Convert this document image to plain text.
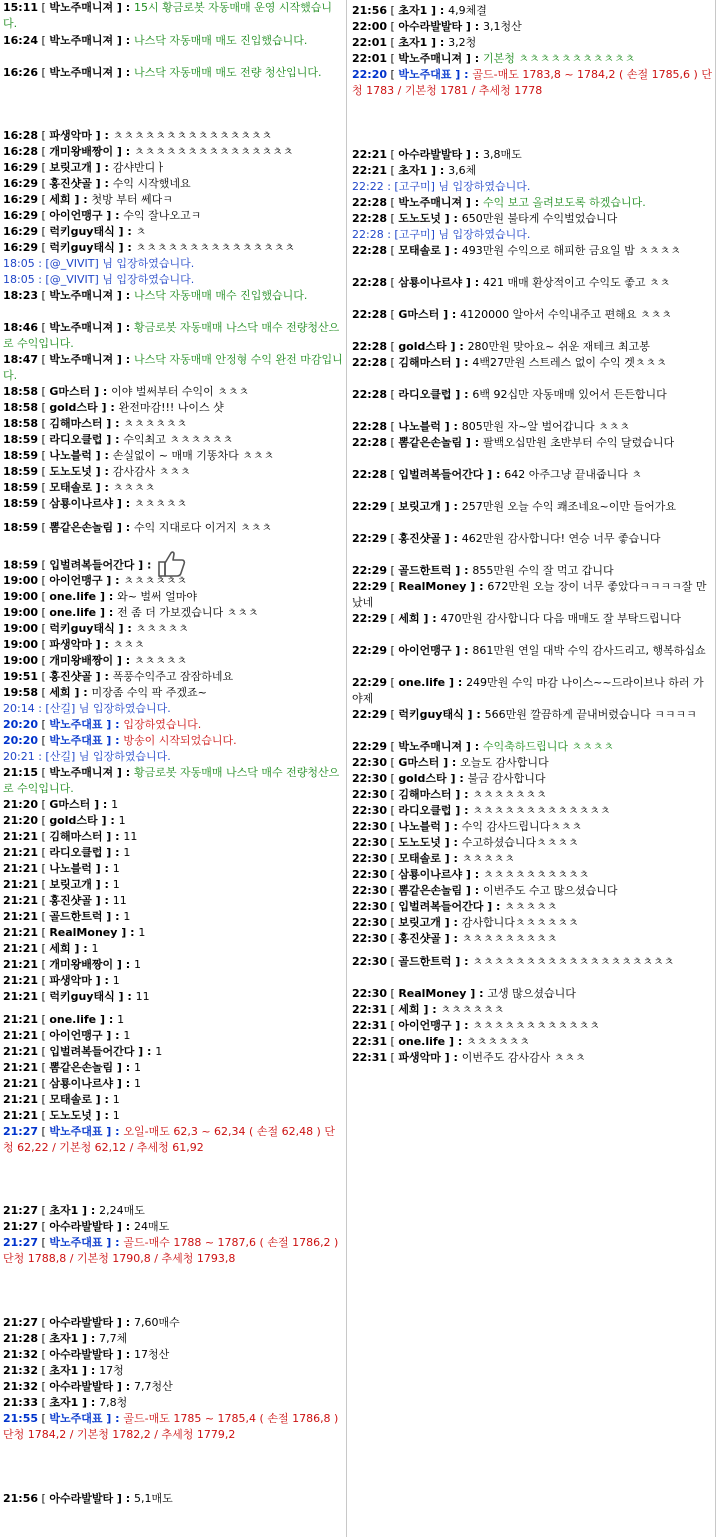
15:11 [ 박노주매니져 ] : 15시 황금로봇 자동매매 운영 시작했습니다.
16:24 [ 박노주매니져 ] : 나스닥 자동매매 매도 진입했습니다.
16:26 [ 박노주매니져 ] : 나스닥 자동매매 매도 전량 청산입니다.
16:28 [ 파생악마 ] : ㅊㅊㅊㅊㅊㅊㅊㅊㅊㅊㅊㅊㅊㅊㅊ
16:28 [ 개미왕배짱이 ] : ㅊㅊㅊㅊㅊㅊㅊㅊㅊㅊㅊㅊㅊㅊㅊ
16:29 [ 보릿고개 ] : 감샤반디ㅏ
16:29 [ 홍진샷골 ] : 수익 시작했네요
16:29 [ 세희 ] : 첫방 부터 쎄다ㅋ
16:29 [ 아이언맹구 ] : 수익 잘나오고ㅋ
16:29 [ 럭키guy태식 ] : ㅊ
16:29 [ 럭키guy태식 ] : ㅊㅊㅊㅊㅊㅊㅊㅊㅊㅊㅊㅊㅊㅊㅊ
18:05 : [@_VIVIT] 님 입장하였습니다.
18:05 : [@_VIVIT] 님 입장하였습니다.
18:23 [ 박노주매니져 ] : 나스닥 자동매매 매수 진입했습니다.
18:46 [ 박노주매니져 ] : 황금로봇 자동매매 나스닥 매수 전량청산으로 수익입니다.
18:47 [ 박노주매니져 ] : 나스닥 자동매매 안정형 수익 완전 마감입니다.
18:58 [ G마스터 ] : 이야 벌써부터 수익이 ㅊㅊㅊ
18:58 [ gold스타 ] : 완전마감!!! 나이스 샷
18:58 [ 김해마스터 ] : ㅊㅊㅊㅊㅊㅊ
18:59 [ 라디오클럽 ] : 수익최고 ㅊㅊㅊㅊㅊㅊ
18:59 [ 나노블럭 ] : 손실없이 ~ 매매 기똥차다 ㅊㅊㅊ
18:59 [ 도노도넛 ] : 감사감사 ㅊㅊㅊ
18:59 [ 모태솔로 ] : ㅊㅊㅊㅊ
18:59 [ 삼룡이나르샤 ] : ㅊㅊㅊㅊㅊ
18:59 [ 뽐같은손놀림 ] : 수익 지대로다 이거지 ㅊㅊㅊ
18:59 [ 입벌려복들어간다 ] :
19:00 [ 아이언맹구 ] : ㅊㅊㅊㅊㅊㅊ
19:00 [ one.life ] : 와~ 벌써 얼마야
19:00 [ one.life ] : 전 좀 더 가보겠습니다 ㅊㅊㅊ
19:00 [ 럭키guy태식 ] : ㅊㅊㅊㅊㅊ
19:00 [ 파생악마 ] : ㅊㅊㅊ
19:00 [ 개미왕배짱이 ] : ㅊㅊㅊㅊㅊ
19:51 [ 홍진샷골 ] : 폭풍수익주고 잠잠하네요
19:58 [ 세희 ] : 미장좀 수익 팍 주겠죠~
20:14 : [산길] 님 입장하였습니다.
20:20 [ 박노주대표 ] : 입장하였습니다.
20:20 [ 박노주대표 ] : 방송이 시작되었습니다.
20:21 : [산길] 님 입장하였습니다.
21:15 [ 박노주매니져 ] : 황금로봇 자동매매 나스닥 매수 전량청산으로 수익입니다.
21:20 [ G마스터 ] : 1
21:20 [ gold스타 ] : 1
21:21 [ 김해마스터 ] : 11
21:21 [ 라디오클럽 ] : 1
21:21 [ 나노블럭 ] : 1
21:21 [ 보릿고개 ] : 1
21:21 [ 홍진샷골 ] : 11
21:21 [ 골드한트럭 ] : 1
21:21 [ RealMoney ] : 1
21:21 [ 세희 ] : 1
21:21 [ 개미왕배짱이 ] : 1
21:21 [ 파생악마 ] : 1
21:21 [ 럭키guy태식 ] : 11
21:21 [ one.life ] : 1
21:21 [ 아이언맹구 ] : 1
21:21 [ 입벌려복들어간다 ] : 1
21:21 [ 뽐같은손놀림 ] : 1
21:21 [ 삼룡이나르샤 ] : 1
21:21 [ 모태솔로 ] : 1
21:21 [ 도노도넛 ] : 1
21:27 [ 박노주대표 ] : 오일-매도 62,3 ~ 62,34 ( 손절 62,48 ) 단청 62,22 / 기본청 62,12 / 추세청 61,92
21:27 [ 초자1 ] : 2,24매도
21:27 [ 아수라발발타 ] : 24매도
21:27 [ 박노주대표 ] : 골드-매수 1788 ~ 1787,6 ( 손절 1786,2 ) 단청 1788,8 / 기본청 1790,8 / 추세청 1793,8
21:27 [ 아수라발발타 ] : 7,60매수
21:28 [ 초자1 ] : 7,7체
21:32 [ 아수라발발타 ] : 17청산
21:32 [ 초자1 ] : 17청
21:32 [ 아수라발발타 ] : 7,7청산
21:33 [ 초자1 ] : 7,8청
21:55 [ 박노주대표 ] : 골드-매도 1785 ~ 1785,4 ( 손절 1786,8 ) 단청 1784,2 / 기본청 1782,2 / 추세청 1779,2
21:56 [ 아수라발발타 ] : 5,1매도
21:56 [ 초자1 ] : 4,9체결
22:00 [ 아수라발발타 ] : 3,1청산
22:01 [ 초자1 ] : 3,2청
22:01 [ 박노주매니져 ] : 기본청 ㅊㅊㅊㅊㅊㅊㅊㅊㅊㅊㅊ
22:20 [ 박노주대표 ] : 골드-매도 1783,8 ~ 1784,2 ( 손절 1785,6 ) 단청 1783 / 기본청 1781 / 추세청 1778
22:21 [ 아수라발발타 ] : 3,8매도
22:21 [ 초자1 ] : 3,6체
22:22 : [고구미] 님 입장하였습니다.
22:28 [ 박노주매니져 ] : 수익 보고 올려보도록 하겠습니다.
22:28 [ 도노도넛 ] : 650만원 불타게 수익벌었습니다
22:28 : [고구미] 님 입장하였습니다.
22:28 [ 모태솔로 ] : 493만원 수익으로 해피한 금요일 밤 ㅊㅊㅊㅊ
22:28 [ 삼룡이나르샤 ] : 421 매매 환상적이고 수익도 좋고 ㅊㅊ
22:28 [ G마스터 ] : 4120000 알아서 수익내주고 편해요 ㅊㅊㅊ
22:28 [ gold스타 ] : 280만원 맞아요~ 쉬운 재테크 최고봉
22:28 [ 김해마스터 ] : 4백27만원 스트레스 없이 수익 겟ㅊㅊㅊ
22:28 [ 라디오클럽 ] : 6백 92십만 자동매매 있어서 든든합니다
22:28 [ 나노블럭 ] : 805만원 자~알 벌어갑니다 ㅊㅊㅊ
22:28 [ 뽐같은손놀림 ] : 팔백오십만원 초반부터 수익 달렸습니다
22:28 [ 입벌려복들어간다 ] : 642 아주그냥 끝내줍니다 ㅊ
22:29 [ 보릿고개 ] : 257만원 오늘 수익 쾌조네요~이만 들어가요
22:29 [ 홍진샷골 ] : 462만원 감사합니다! 연승 너무 좋습니다
22:29 [ 골드한트럭 ] : 855만원 수익 잘 먹고 갑니다
22:29 [ RealMoney ] : 672만원 오늘 장이 너무 좋았다ㅋㅋㅋㅋ잘 만났네
22:29 [ 세희 ] : 470만원 감사합니다 다음 매매도 잘 부탁드립니다
22:29 [ 아이언맹구 ] : 861만원 연일 대박 수익 감사드리고, 행복하십쇼
22:29 [ one.life ] : 249만원 수익 마감 나이스~~드라이브나 하러 가야제
22:29 [ 럭키guy태식 ] : 566만원 깔끔하게 끝내버렸습니다 ㅋㅋㅋㅋ
22:29 [ 박노주매니져 ] : 수익축하드립니다 ㅊㅊㅊㅊ
22:30 [ G마스터 ] : 오늘도 감사합니다
22:30 [ gold스타 ] : 불금 감사합니다
22:30 [ 김해마스터 ] : ㅊㅊㅊㅊㅊㅊㅊ
22:30 [ 라디오클럽 ] : ㅊㅊㅊㅊㅊㅊㅊㅊㅊㅊㅊㅊㅊ
22:30 [ 나노블럭 ] : 수익 감사드립니다ㅊㅊㅊ
22:30 [ 도노도넛 ] : 수고하셨습니다ㅊㅊㅊㅊ
22:30 [ 모태솔로 ] : ㅊㅊㅊㅊㅊ
22:30 [ 삼룡이나르샤 ] : ㅊㅊㅊㅊㅊㅊㅊㅊㅊㅊ
22:30 [ 뽐같은손놀림 ] : 이번주도 수고 많으셨습니다
22:30 [ 입벌려복들어간다 ] : ㅊㅊㅊㅊㅊ
22:30 [ 보릿고개 ] : 감사합니다ㅊㅊㅊㅊㅊㅊ
22:30 [ 홍진샷골 ] : ㅊㅊㅊㅊㅊㅊㅊㅊㅊ
22:30 [ 골드한트럭 ] : ㅊㅊㅊㅊㅊㅊㅊㅊㅊㅊㅊㅊㅊㅊㅊㅊㅊㅊㅊ
22:30 [ RealMoney ] : 고생 많으셨습니다
22:31 [ 세희 ] : ㅊㅊㅊㅊㅊㅊ
22:31 [ 아이언맹구 ] : ㅊㅊㅊㅊㅊㅊㅊㅊㅊㅊㅊㅊ
22:31 [ one.life ] : ㅊㅊㅊㅊㅊㅊ
22:31 [ 파생악마 ] : 이번주도 감사감사 ㅊㅊㅊ
